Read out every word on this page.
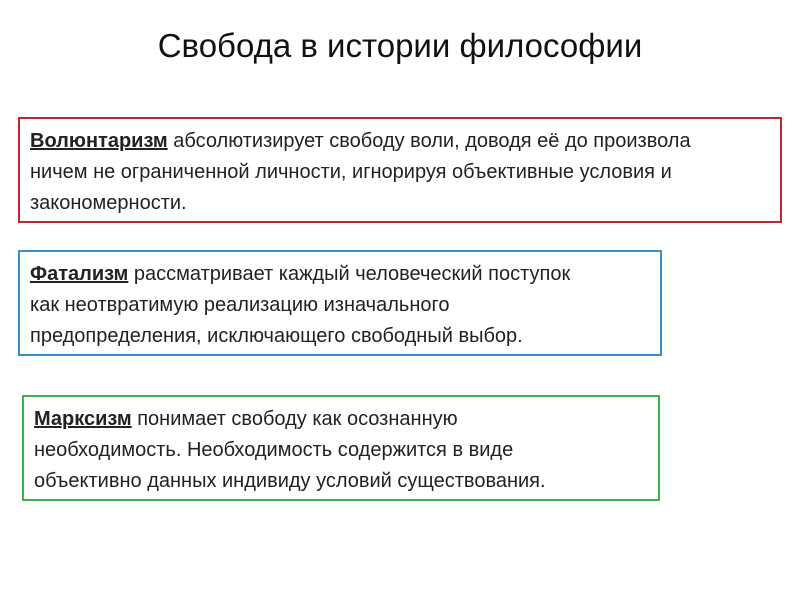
Свобода в истории философии
Волюнтаризм абсолютизирует свободу воли, доводя её до произвола
ничем не ограниченной личности, игнорируя объективные условия и
закономерности.
Фатализм рассматривает каждый человеческий поступок
как неотвратимую реализацию изначального
предопределения, исключающего свободный выбор.
Марксизм понимает свободу как осознанную
необходимость. Необходимость содержится в виде
объективно данных индивиду условий существования.
